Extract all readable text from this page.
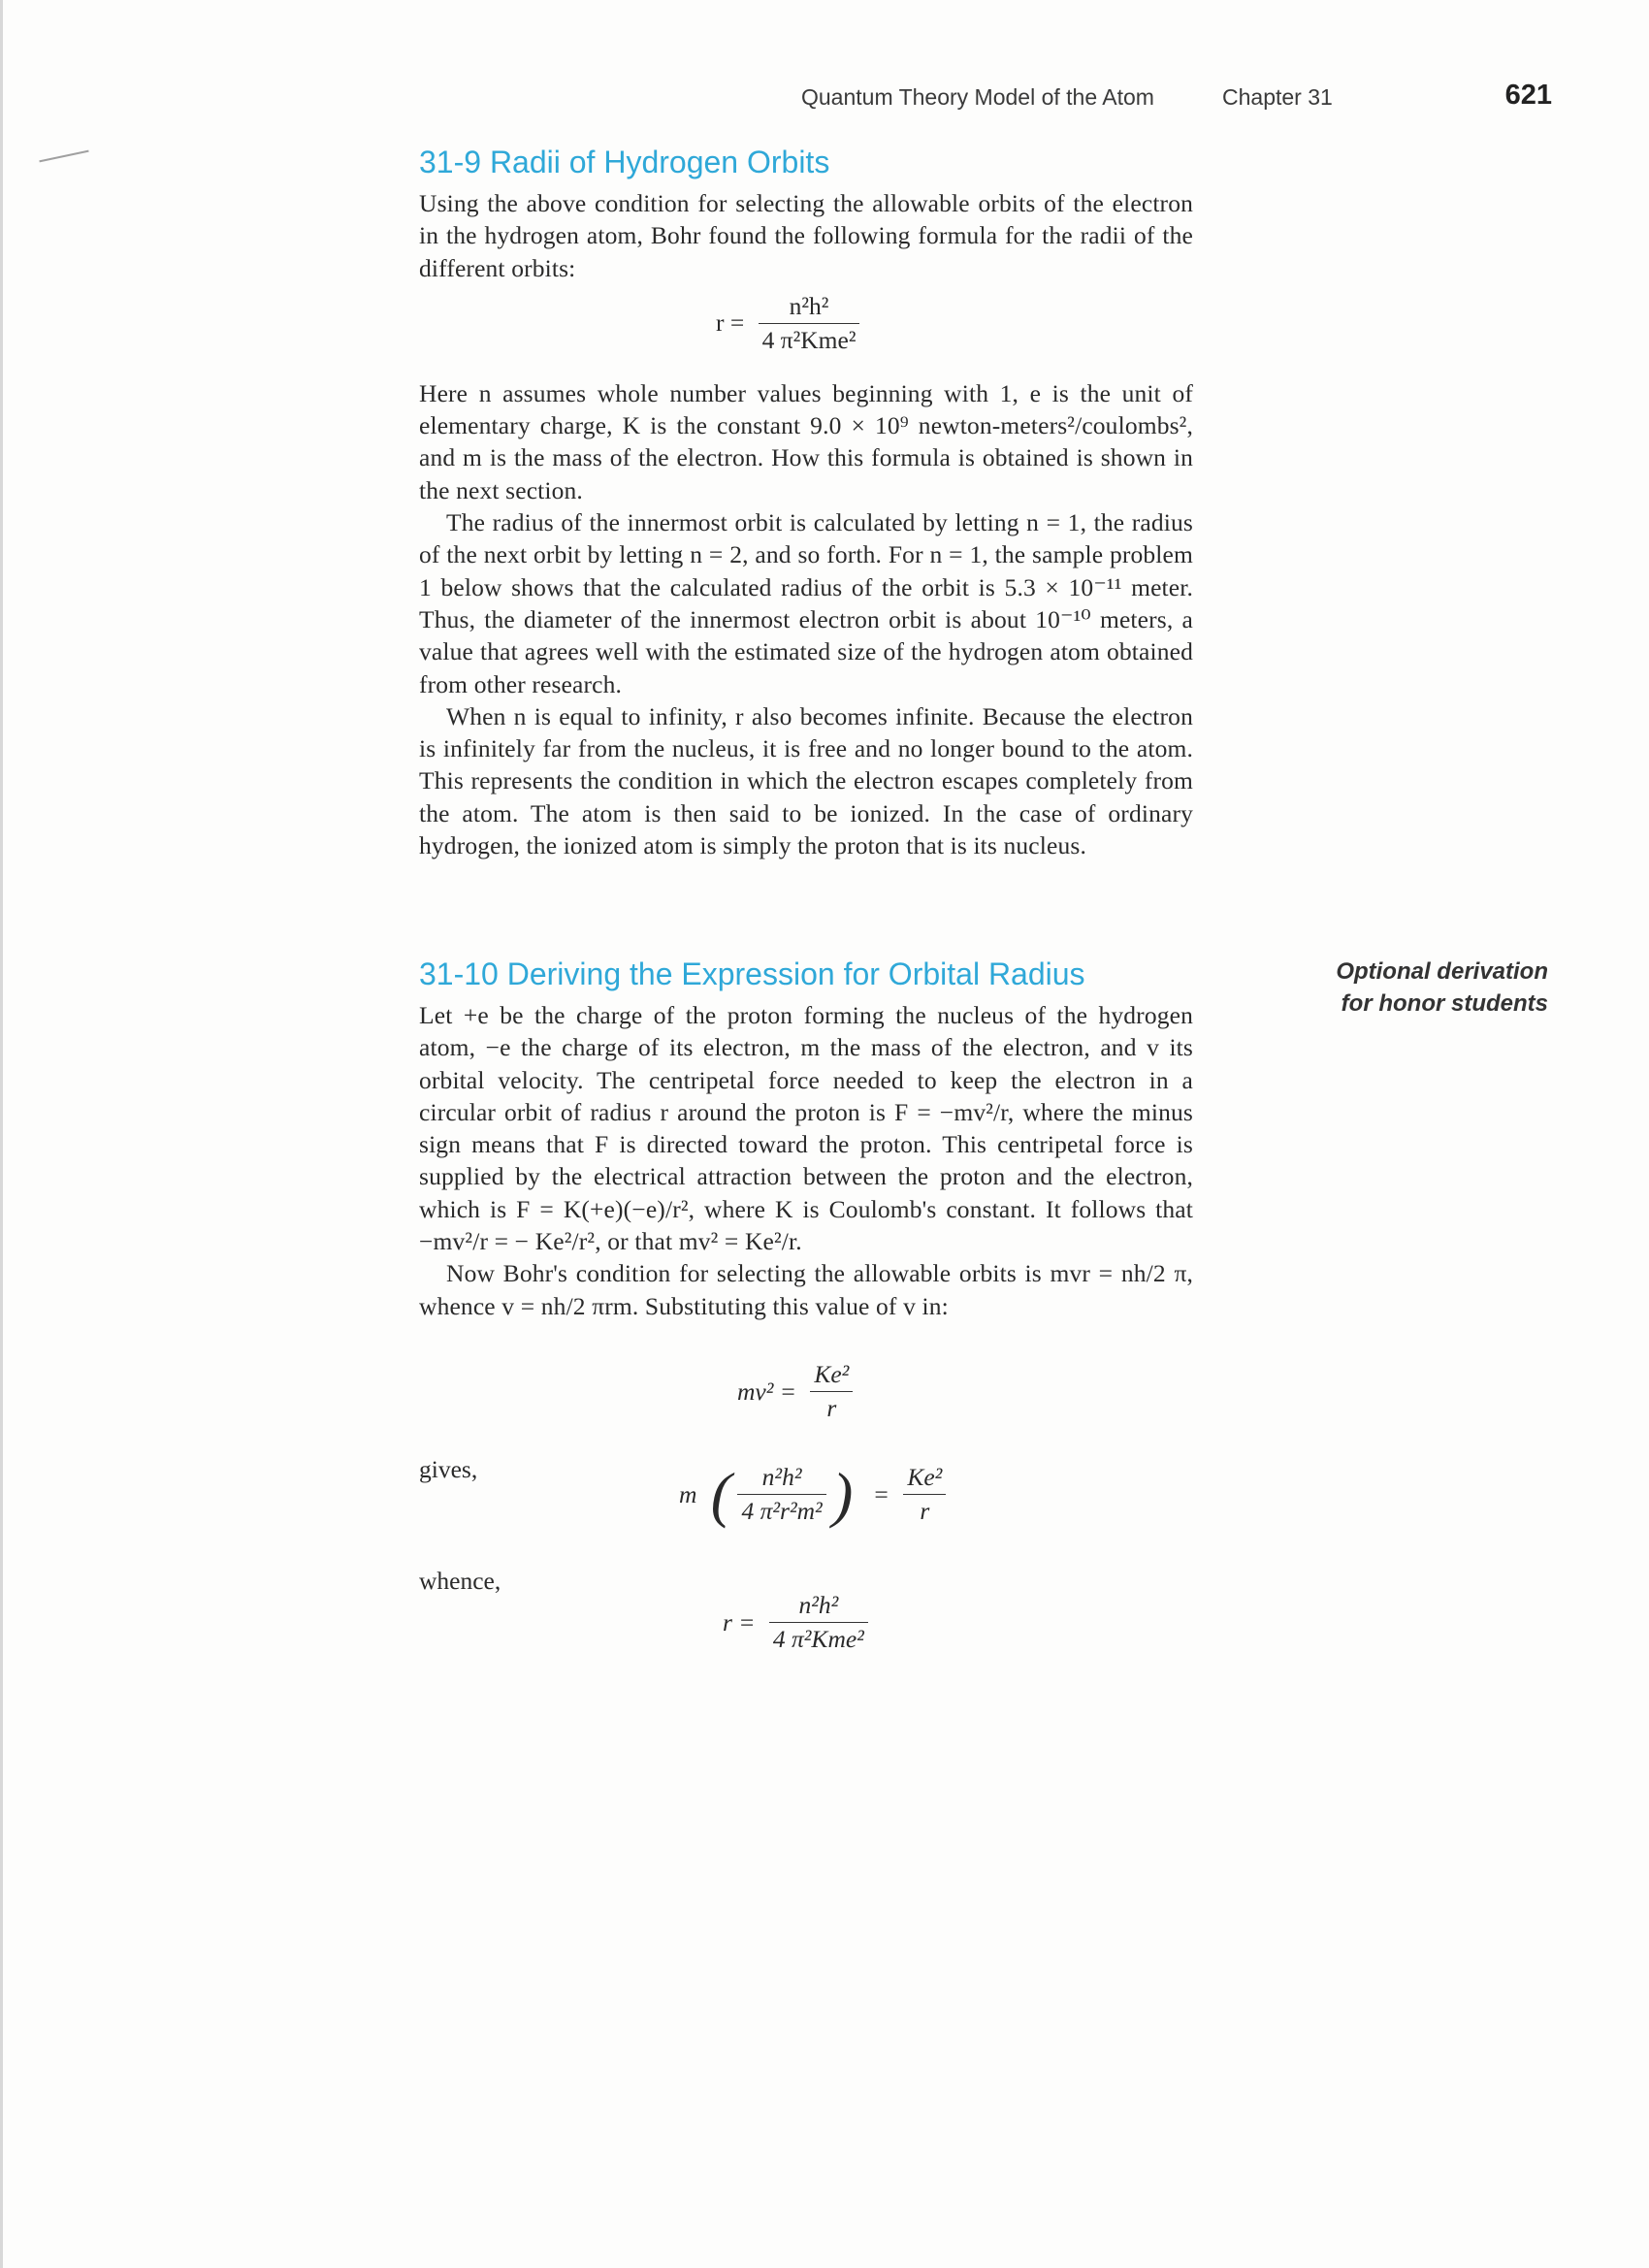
Quantum Theory Model of the Atom	Chapter 31	621
31-9 Radii of Hydrogen Orbits

Using the above condition for selecting the allowable orbits of the electron in the hydrogen atom, Bohr found the following formula for the radii of the different orbits:

$r = \frac{\text{n²h²}}{\text{4 π²Kme²}}$

Here n assumes whole number values beginning with 1, e is the unit of elementary charge, K is the constant 9.0 × 10⁹ newton-meters²/coulombs², and m is the mass of the electron. How this formula is obtained is shown in the next section.

The radius of the innermost orbit is calculated by letting n = 1, the radius of the next orbit by letting n = 2, and so forth. For n = 1, the sample problem 1 below shows that the calculated radius of the orbit is 5.3 × 10⁻¹¹ meter. Thus, the diameter of the innermost electron orbit is about 10⁻¹⁰ meters, a value that agrees well with the estimated size of the hydrogen atom obtained from other research.

When n is equal to infinity, r also becomes infinite. Because the electron is infinitely far from the nucleus, it is free and no longer bound to the atom. This represents the condition in which the electron escapes completely from the atom. The atom is then said to be ionized. In the case of ordinary hydrogen, the ionized atom is simply the proton that is its nucleus.

Optional derivation
for honor students
31-10 Deriving the Expression for Orbital Radius

Let +e be the charge of the proton forming the nucleus of the hydrogen atom, −e the charge of its electron, m the mass of the electron, and v its orbital velocity. The centripetal force needed to keep the electron in a circular orbit of radius r around the proton is F = −mv²/r, where the minus sign means that F is directed toward the proton. This centripetal force is supplied by the electrical attraction between the proton and the electron, which is F = K(+e)(−e)/r², where K is Coulomb's constant. It follows that −mv²/r = − Ke²/r², or that mv² = Ke²/r.

Now Bohr's condition for selecting the allowable orbits is mvr = nh/2 π, whence v = nh/2 πrm. Substituting this value of v in:

$mv^2 = \frac{\text{Ke²}}{r}$
gives,
m ( $\frac{\text{n²h²}}{\text{4 π²r²m²}}$ ) = $\frac{\text{Ke²}}{r}$
whence,
$r = \frac{\text{n²h²}}{\text{4 π²Kme²}}$
